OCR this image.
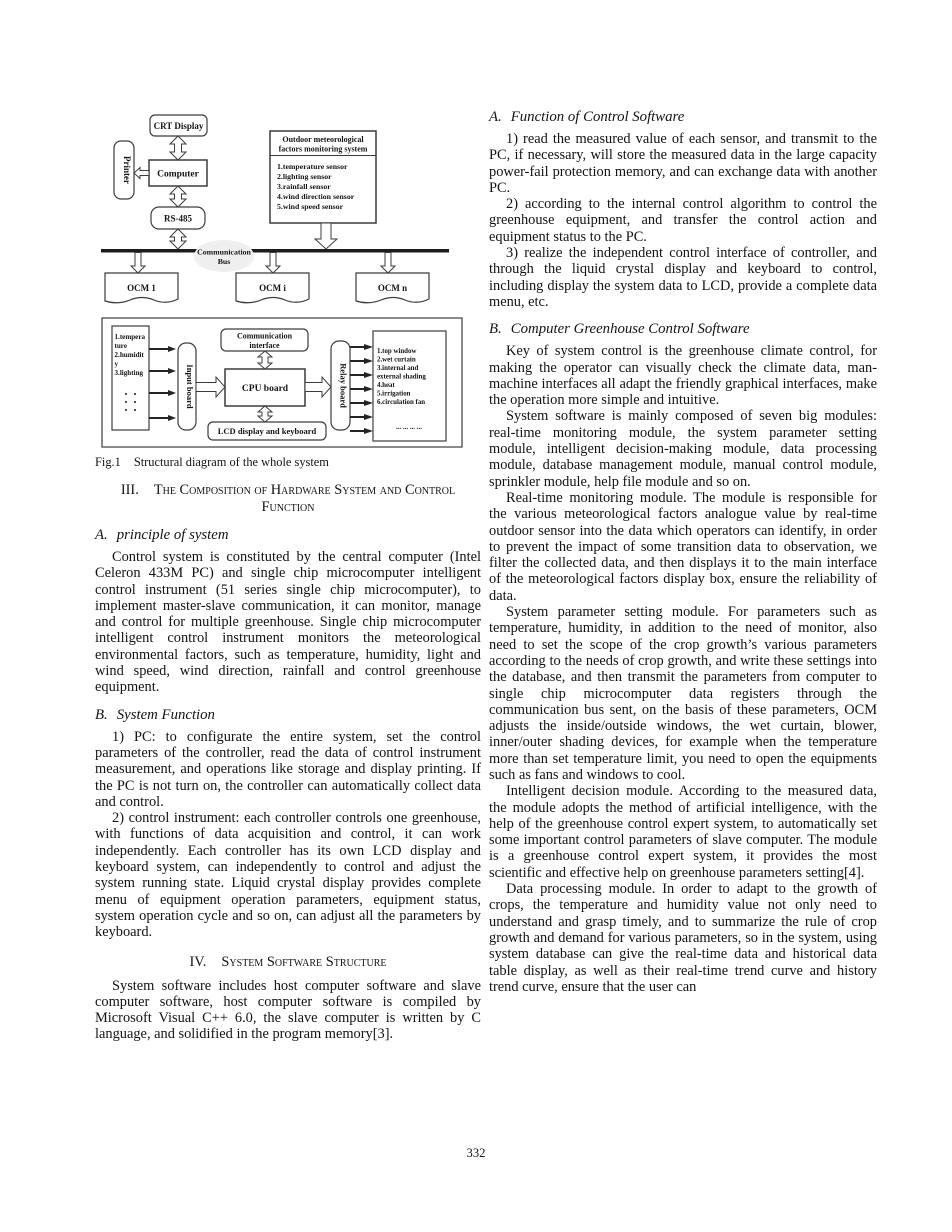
CRT Display
Printer	Computer
RS-485
Outdoor meteorological
factors monitoring system
1.temperature sensor
2.lighting sensor
3.rainfall sensor
4.wind direction sensor
5.wind speed sensor
Communication
Bus
OCM 1	OCM i	OCM n
1.tempera
ture
2.humidit
y
3.lighting	Input board
Communication
interface
CPU board
LCD display and keyboard
Relay board
1.top window
2.wet curtain
3.internal and
external shading
4.heat
5.irrigation
6.circulation fan
... ... ... ...

Fig.1 Structural diagram of the whole system

III. The Composition of Hardware System and Control Function
A. principle of system

Control system is constituted by the central computer (Intel Celeron 433M PC) and single chip microcomputer intelligent control instrument (51 series single chip microcomputer), to implement master-slave communication, it can monitor, manage and control for multiple greenhouse. Single chip microcomputer intelligent control instrument monitors the meteorological environmental factors, such as temperature, humidity, light and wind speed, wind direction, rainfall and control greenhouse equipment.

B. System Function

1) PC: to configurate the entire system, set the control parameters of the controller, read the data of control instrument measurement, and operations like storage and display printing. If the PC is not turn on, the controller can automatically collect data and control.

2) control instrument: each controller controls one greenhouse, with functions of data acquisition and control, it can work independently. Each controller has its own LCD display and keyboard system, can independently to control and adjust the system running state. Liquid crystal display provides complete menu of equipment operation parameters, equipment status, system operation cycle and so on, can adjust all the parameters by keyboard.

IV. System Software Structure

System software includes host computer software and slave computer software, host computer software is compiled by Microsoft Visual C++ 6.0, the slave computer is written by C language, and solidified in the program memory[3].

A. Function of Control Software

1) read the measured value of each sensor, and transmit to the PC, if necessary, will store the measured data in the large capacity power-fail protection memory, and can exchange data with another PC.

2) according to the internal control algorithm to control the greenhouse equipment, and transfer the control action and equipment status to the PC.

3) realize the independent control interface of controller, and through the liquid crystal display and keyboard to control, including display the system data to LCD, provide a complete data menu, etc.

B. Computer Greenhouse Control Software

Key of system control is the greenhouse climate control, for making the operator can visually check the climate data, man-machine interfaces all adapt the friendly graphical interfaces, make the operation more simple and intuitive.

System software is mainly composed of seven big modules: real-time monitoring module, the system parameter setting module, intelligent decision-making module, data processing module, database management module, manual control module, sprinkler module, help file module and so on.

Real-time monitoring module. The module is responsible for the various meteorological factors analogue value by real-time outdoor sensor into the data which operators can identify, in order to prevent the impact of some transition data to observation, we filter the collected data, and then displays it to the main interface of the meteorological factors display box, ensure the reliability of data.

System parameter setting module. For parameters such as temperature, humidity, in addition to the need of monitor, also need to set the scope of the crop growth’s various parameters according to the needs of crop growth, and write these settings into the database, and then transmit the parameters from computer to single chip microcomputer data registers through the communication bus sent, on the basis of these parameters, OCM adjusts the inside/outside windows, the wet curtain, blower, inner/outer shading devices, for example when the temperature more than set temperature limit, you need to open the equipments such as fans and windows to cool.

Intelligent decision module. According to the measured data, the module adopts the method of artificial intelligence, with the help of the greenhouse control expert system, to automatically set some important control parameters of slave computer. The module is a greenhouse control expert system, it provides the most scientific and effective help on greenhouse parameters setting[4].

Data processing module. In order to adapt to the growth of crops, the temperature and humidity value not only need to understand and grasp timely, and to summarize the rule of crop growth and demand for various parameters, so in the system, using system database can give the real-time data and historical data table display, as well as their real-time trend curve and history trend curve, ensure that the user can

332
